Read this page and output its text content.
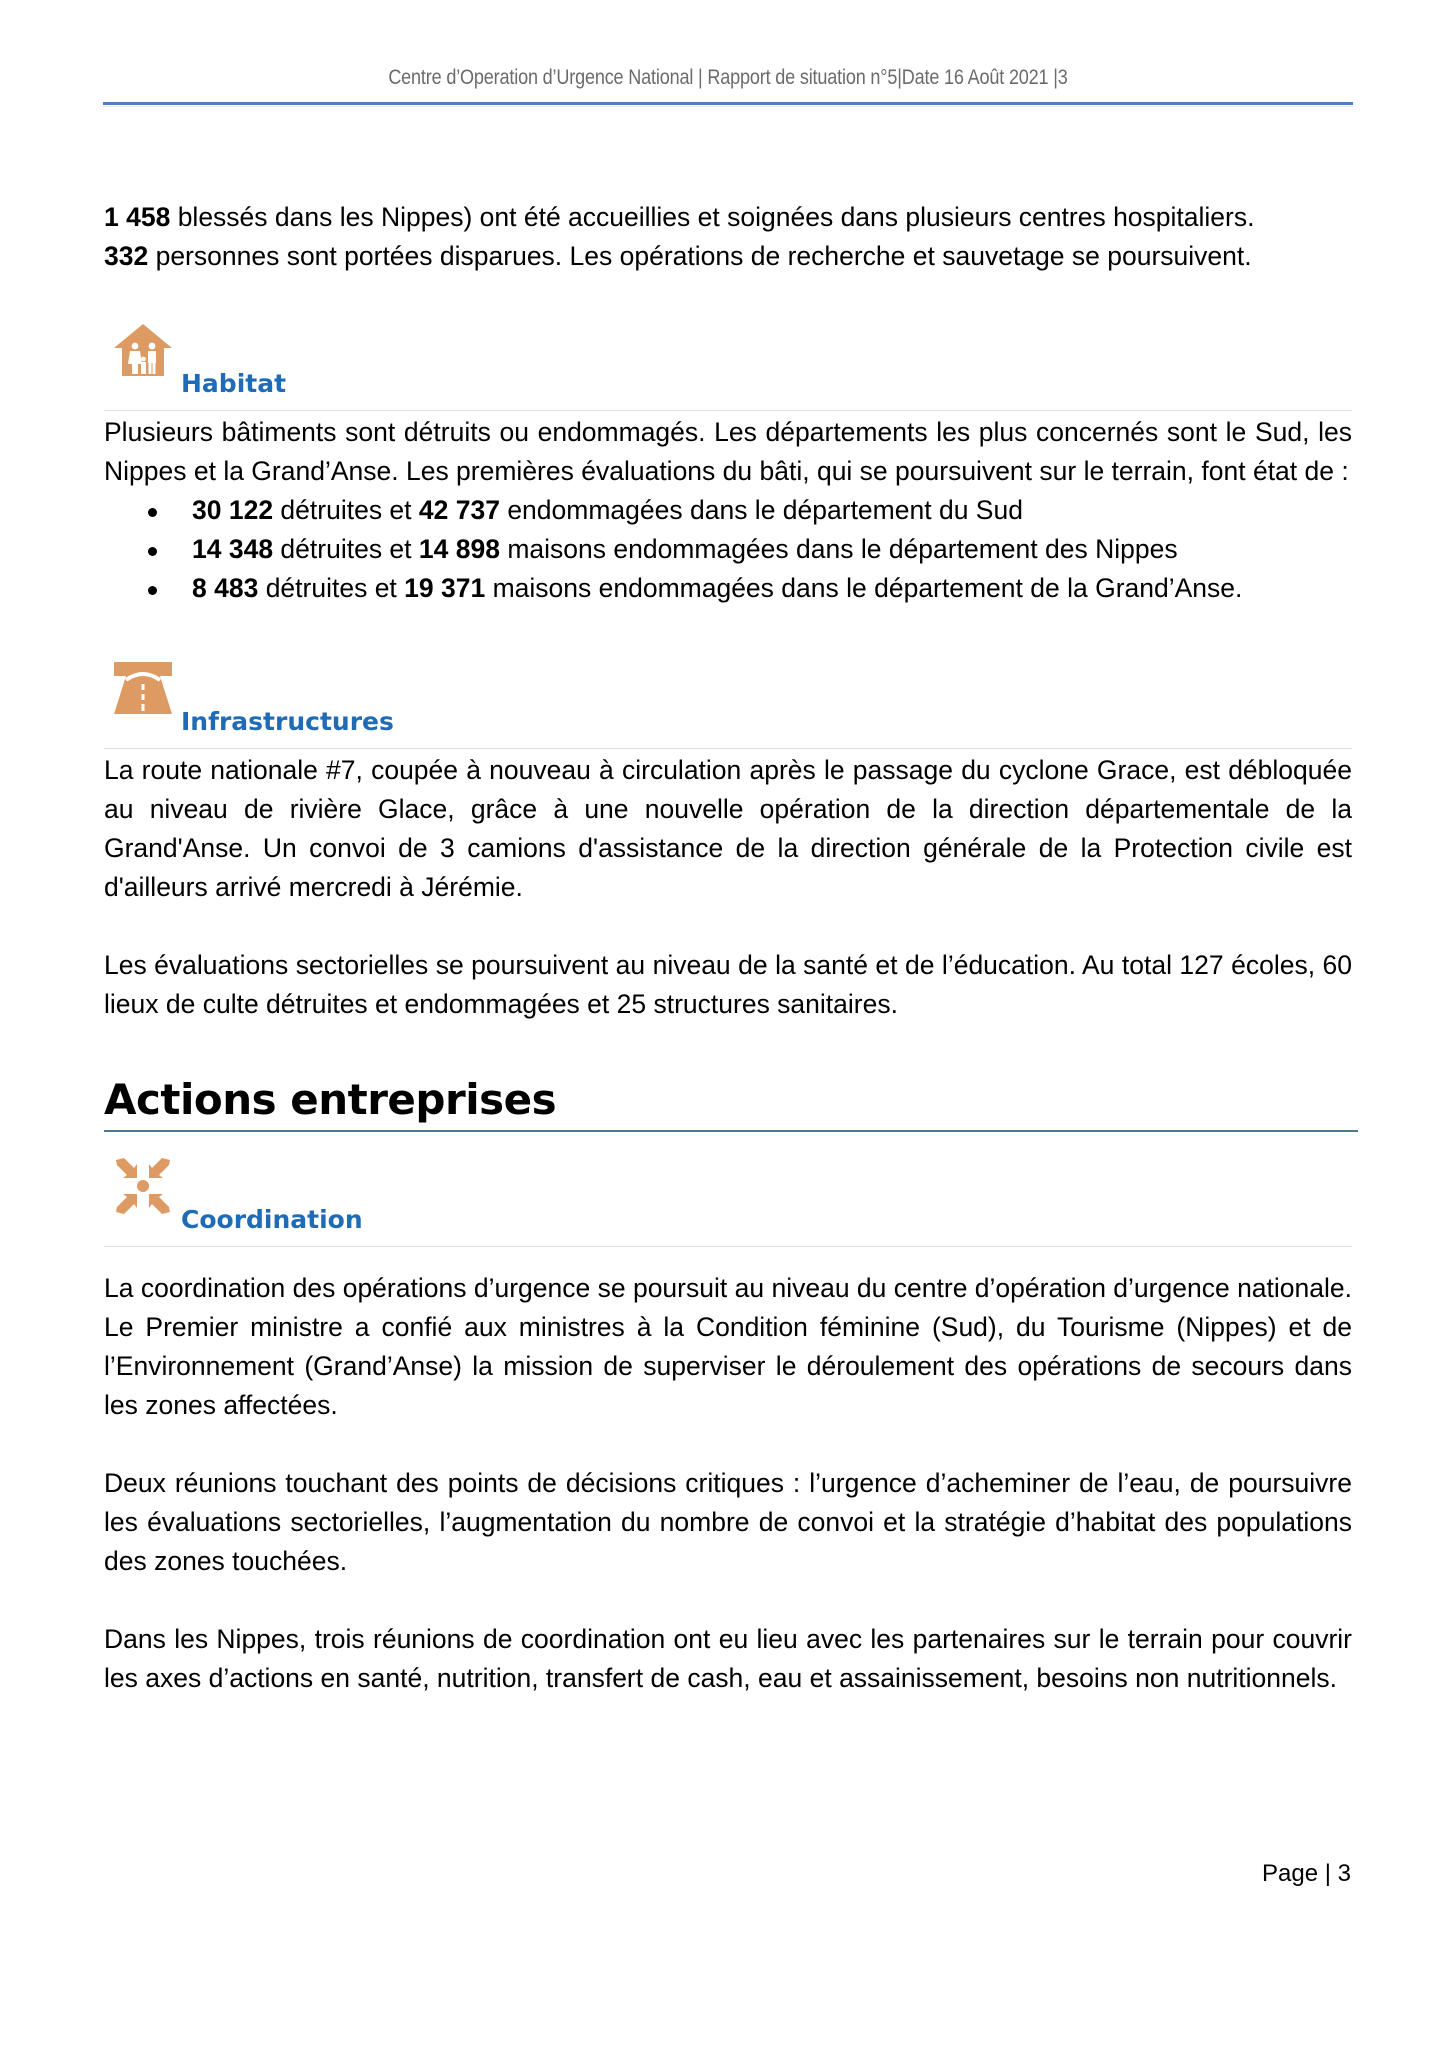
Centre d’Operation d’Urgence National | Rapport de situation n°5|Date 16 Août 2021 |3

1 458 blessés dans les Nippes) ont été accueillies et soignées dans plusieurs centres hospitaliers.
332 personnes sont portées disparues. Les opérations de recherche et sauvetage se poursuivent.

Habitat

Plusieurs bâtiments sont détruits ou endommagés. Les départements les plus concernés sont le Sud, les Nippes et la Grand’Anse. Les premières évaluations du bâti, qui se poursuivent sur le terrain, font état de :

30 122 détruites et 42 737 endommagées dans le département du Sud
14 348 détruites et 14 898 maisons endommagées dans le département des Nippes
8 483 détruites et 19 371 maisons endommagées dans le département de la Grand’Anse.
Infrastructures

La route nationale #7, coupée à nouveau à circulation après le passage du cyclone Grace, est débloquée au niveau de rivière Glace, grâce à une nouvelle opération de la direction départementale de la Grand'Anse. Un convoi de 3 camions d'assistance de la direction générale de la Protection civile est d'ailleurs arrivé mercredi à Jérémie.

Les évaluations sectorielles se poursuivent au niveau de la santé et de l’éducation. Au total 127 écoles, 60 lieux de culte détruites et endommagées et 25 structures sanitaires.

Actions entreprises
Coordination

La coordination des opérations d’urgence se poursuit au niveau du centre d’opération d’urgence nationale. Le Premier ministre a confié aux ministres à la Condition féminine (Sud), du Tourisme (Nippes) et de l’Environnement (Grand’Anse) la mission de superviser le déroulement des opérations de secours dans les zones affectées.

Deux réunions touchant des points de décisions critiques : l’urgence d’acheminer de l’eau, de poursuivre les évaluations sectorielles, l’augmentation du nombre de convoi et la stratégie d’habitat des populations des zones touchées.

Dans les Nippes, trois réunions de coordination ont eu lieu avec les partenaires sur le terrain pour couvrir les axes d’actions en santé, nutrition, transfert de cash, eau et assainissement, besoins non nutritionnels.

Page | 3
